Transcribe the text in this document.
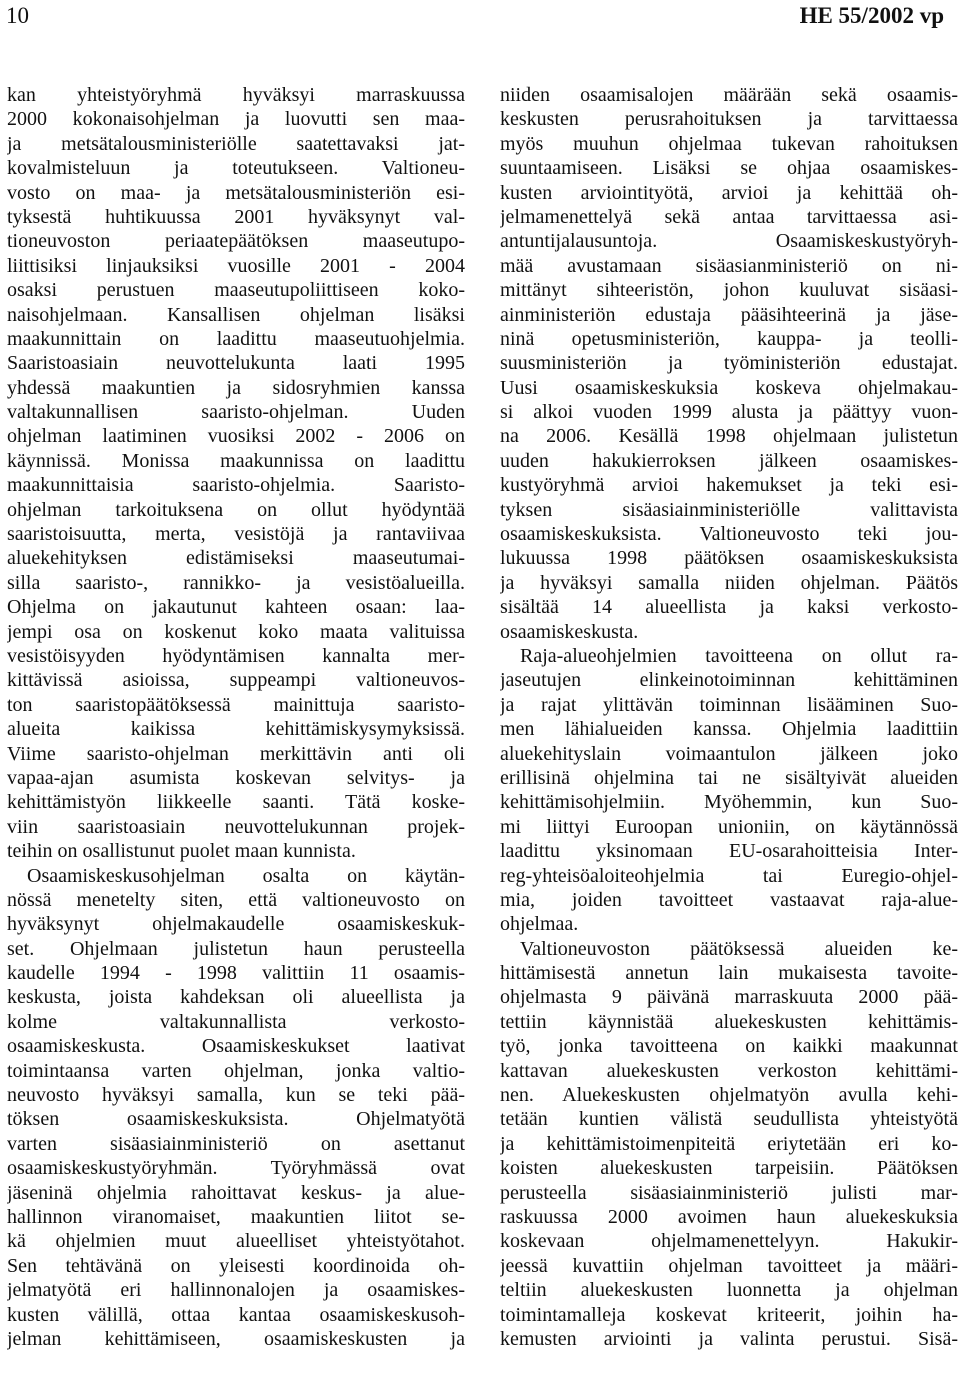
10	HE 55/2002 vp
kan yhteistyöryhmä hyväksyi marraskuussa
2000 kokonaisohjelman ja luovutti sen maa-
ja metsätalousministeriölle saatettavaksi jat-
kovalmisteluun ja toteutukseen. Valtioneu-
vosto on maa- ja metsätalousministeriön esi-
tyksestä huhtikuussa 2001 hyväksynyt val-
tioneuvoston periaatepäätöksen maaseutupo-
liittisiksi linjauksiksi vuosille 2001 - 2004
osaksi perustuen maaseutupoliittiseen koko-
naisohjelmaan. Kansallisen ohjelman lisäksi
maakunnittain on laadittu maaseutuohjelmia.
Saaristoasiain neuvottelukunta laati 1995
yhdessä maakuntien ja sidosryhmien kanssa
valtakunnallisen saaristo-ohjelman. Uuden
ohjelman laatiminen vuosiksi 2002 - 2006 on
käynnissä. Monissa maakunnissa on laadittu
maakunnittaisia saaristo-ohjelmia. Saaristo-
ohjelman tarkoituksena on ollut hyödyntää
saaristoisuutta, merta, vesistöjä ja rantaviivaa
aluekehityksen edistämiseksi maaseutumai-
silla saaristo-, rannikko- ja vesistöalueilla.
Ohjelma on jakautunut kahteen osaan: laa-
jempi osa on koskenut koko maata valituissa
vesistöisyyden hyödyntämisen kannalta mer-
kittävissä asioissa, suppeampi valtioneuvos-
ton saaristopäätöksessä mainittuja saaristo-
alueita kaikissa kehittämiskysymyksissä.
Viime saaristo-ohjelman merkittävin anti oli
vapaa-ajan asumista koskevan selvitys- ja
kehittämistyön liikkeelle saanti. Tätä koske-
viin saaristoasiain neuvottelukunnan projek-
teihin on osallistunut puolet maan kunnista.
Osaamiskeskusohjelman osalta on käytän-
nössä menetelty siten, että valtioneuvosto on
hyväksynyt ohjelmakaudelle osaamiskeskuk-
set. Ohjelmaan julistetun haun perusteella
kaudelle 1994 - 1998 valittiin 11 osaamis-
keskusta, joista kahdeksan oli alueellista ja
kolme valtakunnallista verkosto-
osaamiskeskusta. Osaamiskeskukset laativat
toimintaansa varten ohjelman, jonka valtio-
neuvosto hyväksyi samalla, kun se teki pää-
töksen osaamiskeskuksista. Ohjelmatyötä
varten sisäasiainministeriö on asettanut
osaamiskeskustyöryhmän. Työryhmässä ovat
jäseninä ohjelmia rahoittavat keskus- ja alue-
hallinnon viranomaiset, maakuntien liitot se-
kä ohjelmien muut alueelliset yhteistyötahot.
Sen tehtävänä on yleisesti koordinoida oh-
jelmatyötä eri hallinnonalojen ja osaamiskes-
kusten välillä, ottaa kantaa osaamiskeskusoh-
jelman kehittämiseen, osaamiskeskusten ja
niiden osaamisalojen määrään sekä osaamis-
keskusten perusrahoituksen ja tarvittaessa
myös muuhun ohjelmaa tukevan rahoituksen
suuntaamiseen. Lisäksi se ohjaa osaamiskes-
kusten arviointityötä, arvioi ja kehittää oh-
jelmamenettelyä sekä antaa tarvittaessa asi-
antuntijalausuntoja. Osaamiskeskustyöryh-
mää avustamaan sisäasianministeriö on ni-
mittänyt sihteeristön, johon kuuluvat sisäasi-
ainministeriön edustaja pääsihteerinä ja jäse-
ninä opetusministeriön, kauppa- ja teolli-
suusministeriön ja työministeriön edustajat.
Uusi osaamiskeskuksia koskeva ohjelmakau-
si alkoi vuoden 1999 alusta ja päättyy vuon-
na 2006. Kesällä 1998 ohjelmaan julistetun
uuden hakukierroksen jälkeen osaamiskes-
kustyöryhmä arvioi hakemukset ja teki esi-
tyksen sisäasiainministeriölle valittavista
osaamiskeskuksista. Valtioneuvosto teki jou-
lukuussa 1998 päätöksen osaamiskeskuksista
ja hyväksyi samalla niiden ohjelman. Päätös
sisältää 14 alueellista ja kaksi verkosto-
osaamiskeskusta.
Raja-alueohjelmien tavoitteena on ollut ra-
jaseutujen elinkeinotoiminnan kehittäminen
ja rajat ylittävän toiminnan lisääminen Suo-
men lähialueiden kanssa. Ohjelmia laadittiin
aluekehityslain voimaantulon jälkeen joko
erillisinä ohjelmina tai ne sisältyivät alueiden
kehittämisohjelmiin. Myöhemmin, kun Suo-
mi liittyi Euroopan unioniin, on käytännössä
laadittu yksinomaan EU-osarahoitteisia Inter-
reg-yhteisöaloiteohjelmia tai Euregio-ohjel-
mia, joiden tavoitteet vastaavat raja-alue-
ohjelmaa.
Valtioneuvoston päätöksessä alueiden ke-
hittämisestä annetun lain mukaisesta tavoite-
ohjelmasta 9 päivänä marraskuuta 2000 pää-
tettiin käynnistää aluekeskusten kehittämis-
työ, jonka tavoitteena on kaikki maakunnat
kattavan aluekeskusten verkoston kehittämi-
nen. Aluekeskusten ohjelmatyön avulla kehi-
tetään kuntien välistä seudullista yhteistyötä
ja kehittämistoimenpiteitä eriytetään eri ko-
koisten aluekeskusten tarpeisiin. Päätöksen
perusteella sisäasiainministeriö julisti mar-
raskuussa 2000 avoimen haun aluekeskuksia
koskevaan ohjelmamenettelyyn. Hakukir-
jeessä kuvattiin ohjelman tavoitteet ja määri-
teltiin aluekeskusten luonnetta ja ohjelman
toimintamalleja koskevat kriteerit, joihin ha-
kemusten arviointi ja valinta perustui. Sisä-
